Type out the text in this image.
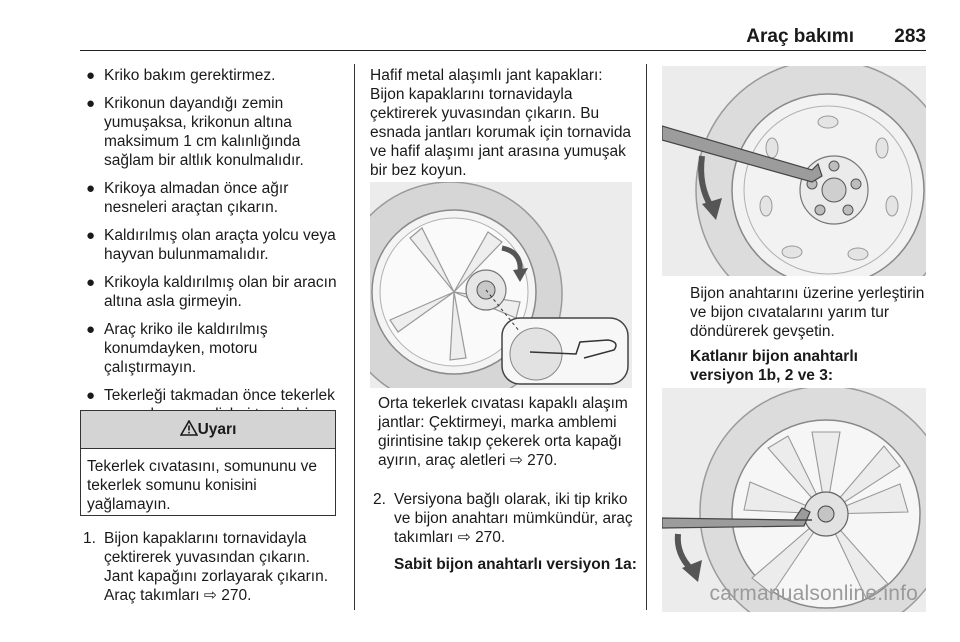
Araç bakımı 283
● Kriko bakım gerektirmez.
● Krikonun dayandığı zemin yumuşaksa, krikonun altına maksimum 1 cm kalınlığında sağlam bir altlık konulmalıdır.
● Krikoya almadan önce ağır nesneleri araçtan çıkarın.
● Kaldırılmış olan araçta yolcu veya hayvan bulunmamalıdır.
● Krikoyla kaldırılmış olan bir aracın altına asla girmeyin.
● Araç kriko ile kaldırılmış konumdayken, motoru çalıştırmayın.
● Tekerleği takmadan önce tekerlek
Uyarı
Tekerlek cıvatasını, somununu ve tekerlek somunu konisini yağlamayın.
1. Bijon kapaklarını tornavidayla çektirerek yuvasından çıkarın. Jant kapağını zorlayarak çıkarın. Araç takımları ⇨ 270.

Hafif metal alaşımlı jant kapakları: Bijon kapaklarını tornavidayla çektirerek yuvasından çıkarın. Bu esnada jantları korumak için tornavida ve hafif alaşımı jant arasına yumuşak bir bez koyun.

Orta tekerlek cıvatası kapaklı alaşım jantlar: Çektirmeyi, marka amblemi girintisine takıp çekerek orta kapağı ayırın, araç aletleri ⇨ 270.

2. Versiyona bağlı olarak, iki tip kriko ve bijon anahtarı mümkündür, araç takımları ⇨ 270.

Sabit bijon anahtarlı versiyon 1a:

Bijon anahtarını üzerine yerleştirin ve bijon cıvatalarını yarım tur döndürerek gevşetin.

Katlanır bijon anahtarlı
versiyon 1b, 2 ve 3:

carmanualsonline.info
